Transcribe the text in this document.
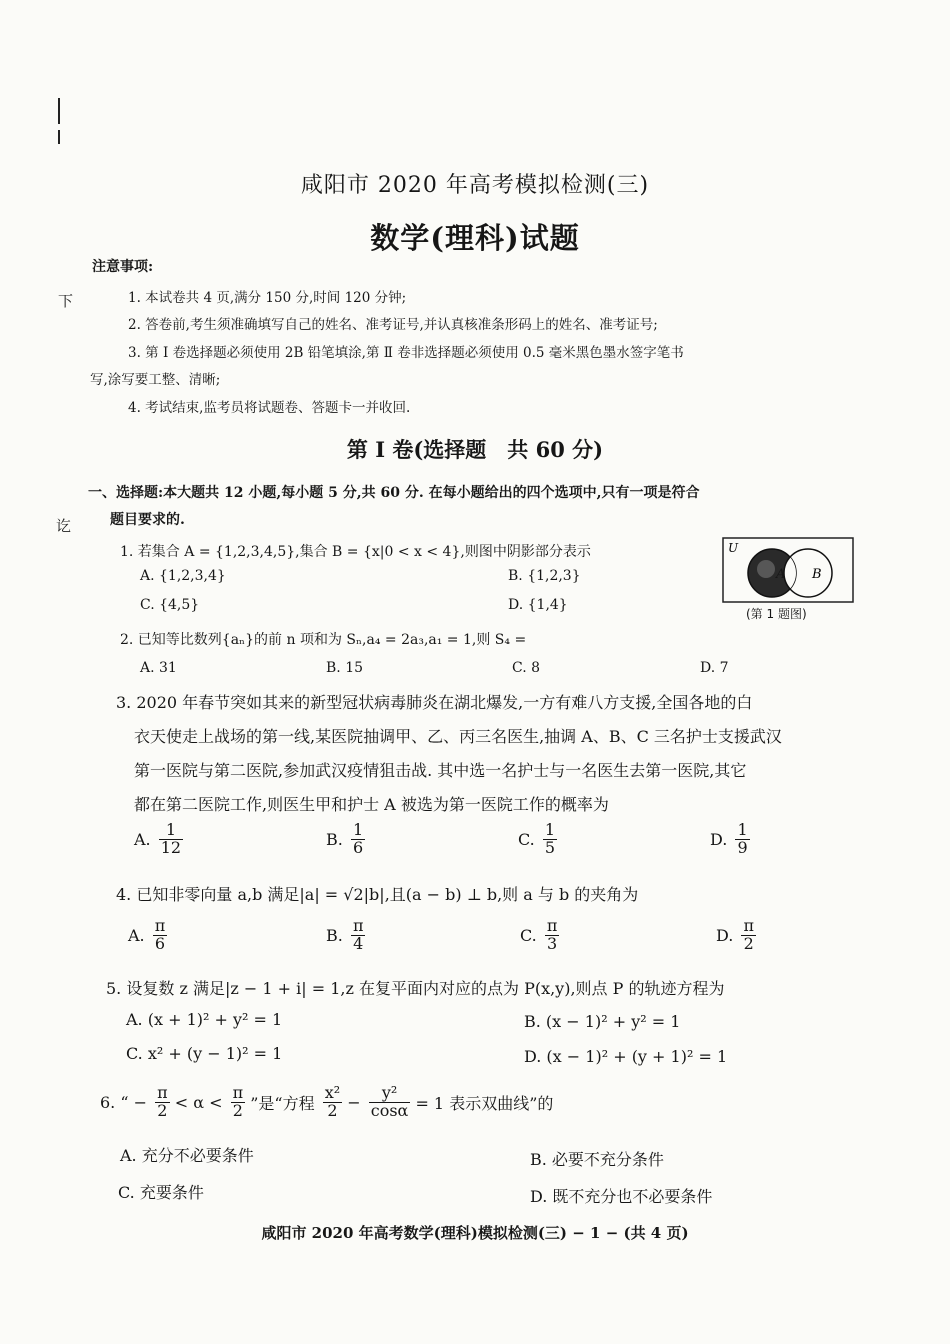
下
讫
咸阳市 2020 年高考模拟检测(三)
数学(理科)试题
注意事项:
1. 本试卷共 4 页,满分 150 分,时间 120 分钟;
2. 答卷前,考生须准确填写自己的姓名、准考证号,并认真核准条形码上的姓名、准考证号;
3. 第 Ⅰ 卷选择题必须使用 2B 铅笔填涂,第 Ⅱ 卷非选择题必须使用 0.5 毫米黑色墨水签字笔书
写,涂写要工整、清晰;
4. 考试结束,监考员将试题卷、答题卡一并收回.
第 Ⅰ 卷(选择题　共 60 分)
一、选择题:本大题共 12 小题,每小题 5 分,共 60 分. 在每小题给出的四个选项中,只有一项是符合
题目要求的.
1. 若集合 A = {1,2,3,4,5},集合 B = {x|0 < x < 4},则图中阴影部分表示
A. {1,2,3,4}	B. {1,2,3}
C. {4,5}	D. {1,4}
U
A B
(第 1 题图)
2. 已知等比数列{aₙ}的前 n 项和为 Sₙ,a₄ = 2a₃,a₁ = 1,则 S₄ =
A. 31	B. 15	C. 8	D. 7
3. 2020 年春节突如其来的新型冠状病毒肺炎在湖北爆发,一方有难八方支援,全国各地的白
衣天使走上战场的第一线,某医院抽调甲、乙、丙三名医生,抽调 A、B、C 三名护士支援武汉
第一医院与第二医院,参加武汉疫情狙击战. 其中选一名护士与一名医生去第一医院,其它
都在第二医院工作,则医生甲和护士 A 被选为第一医院工作的概率为
A. $\frac{1}{12}$	B. $\frac{1}{6}$	C. $\frac{1}{5}$	D. $\frac{1}{9}$
4. 已知非零向量 a,b 满足|a| = √2|b|,且(a − b) ⊥ b,则 a 与 b 的夹角为
A. $\frac{\pi}{6}$	B. $\frac{\pi}{4}$	C. $\frac{\pi}{3}$	D. $\frac{\pi}{2}$
5. 设复数 z 满足|z − 1 + i| = 1,z 在复平面内对应的点为 P(x,y),则点 P 的轨迹方程为
A. (x + 1)² + y² = 1	B. (x − 1)² + y² = 1
C. x² + (y − 1)² = 1	D. (x − 1)² + (y + 1)² = 1
6. “ − $\frac{\pi}{2} < \alpha < \frac{\pi}{2}$ ”是“方程 $\frac{\text{x²}}{2} - \frac{\text{y²}}{\cos\alpha} = 1$ 表示双曲线”的
A. 充分不必要条件	B. 必要不充分条件
C. 充要条件	D. 既不充分也不必要条件
咸阳市 2020 年高考数学(理科)模拟检测(三) − 1 − (共 4 页)
